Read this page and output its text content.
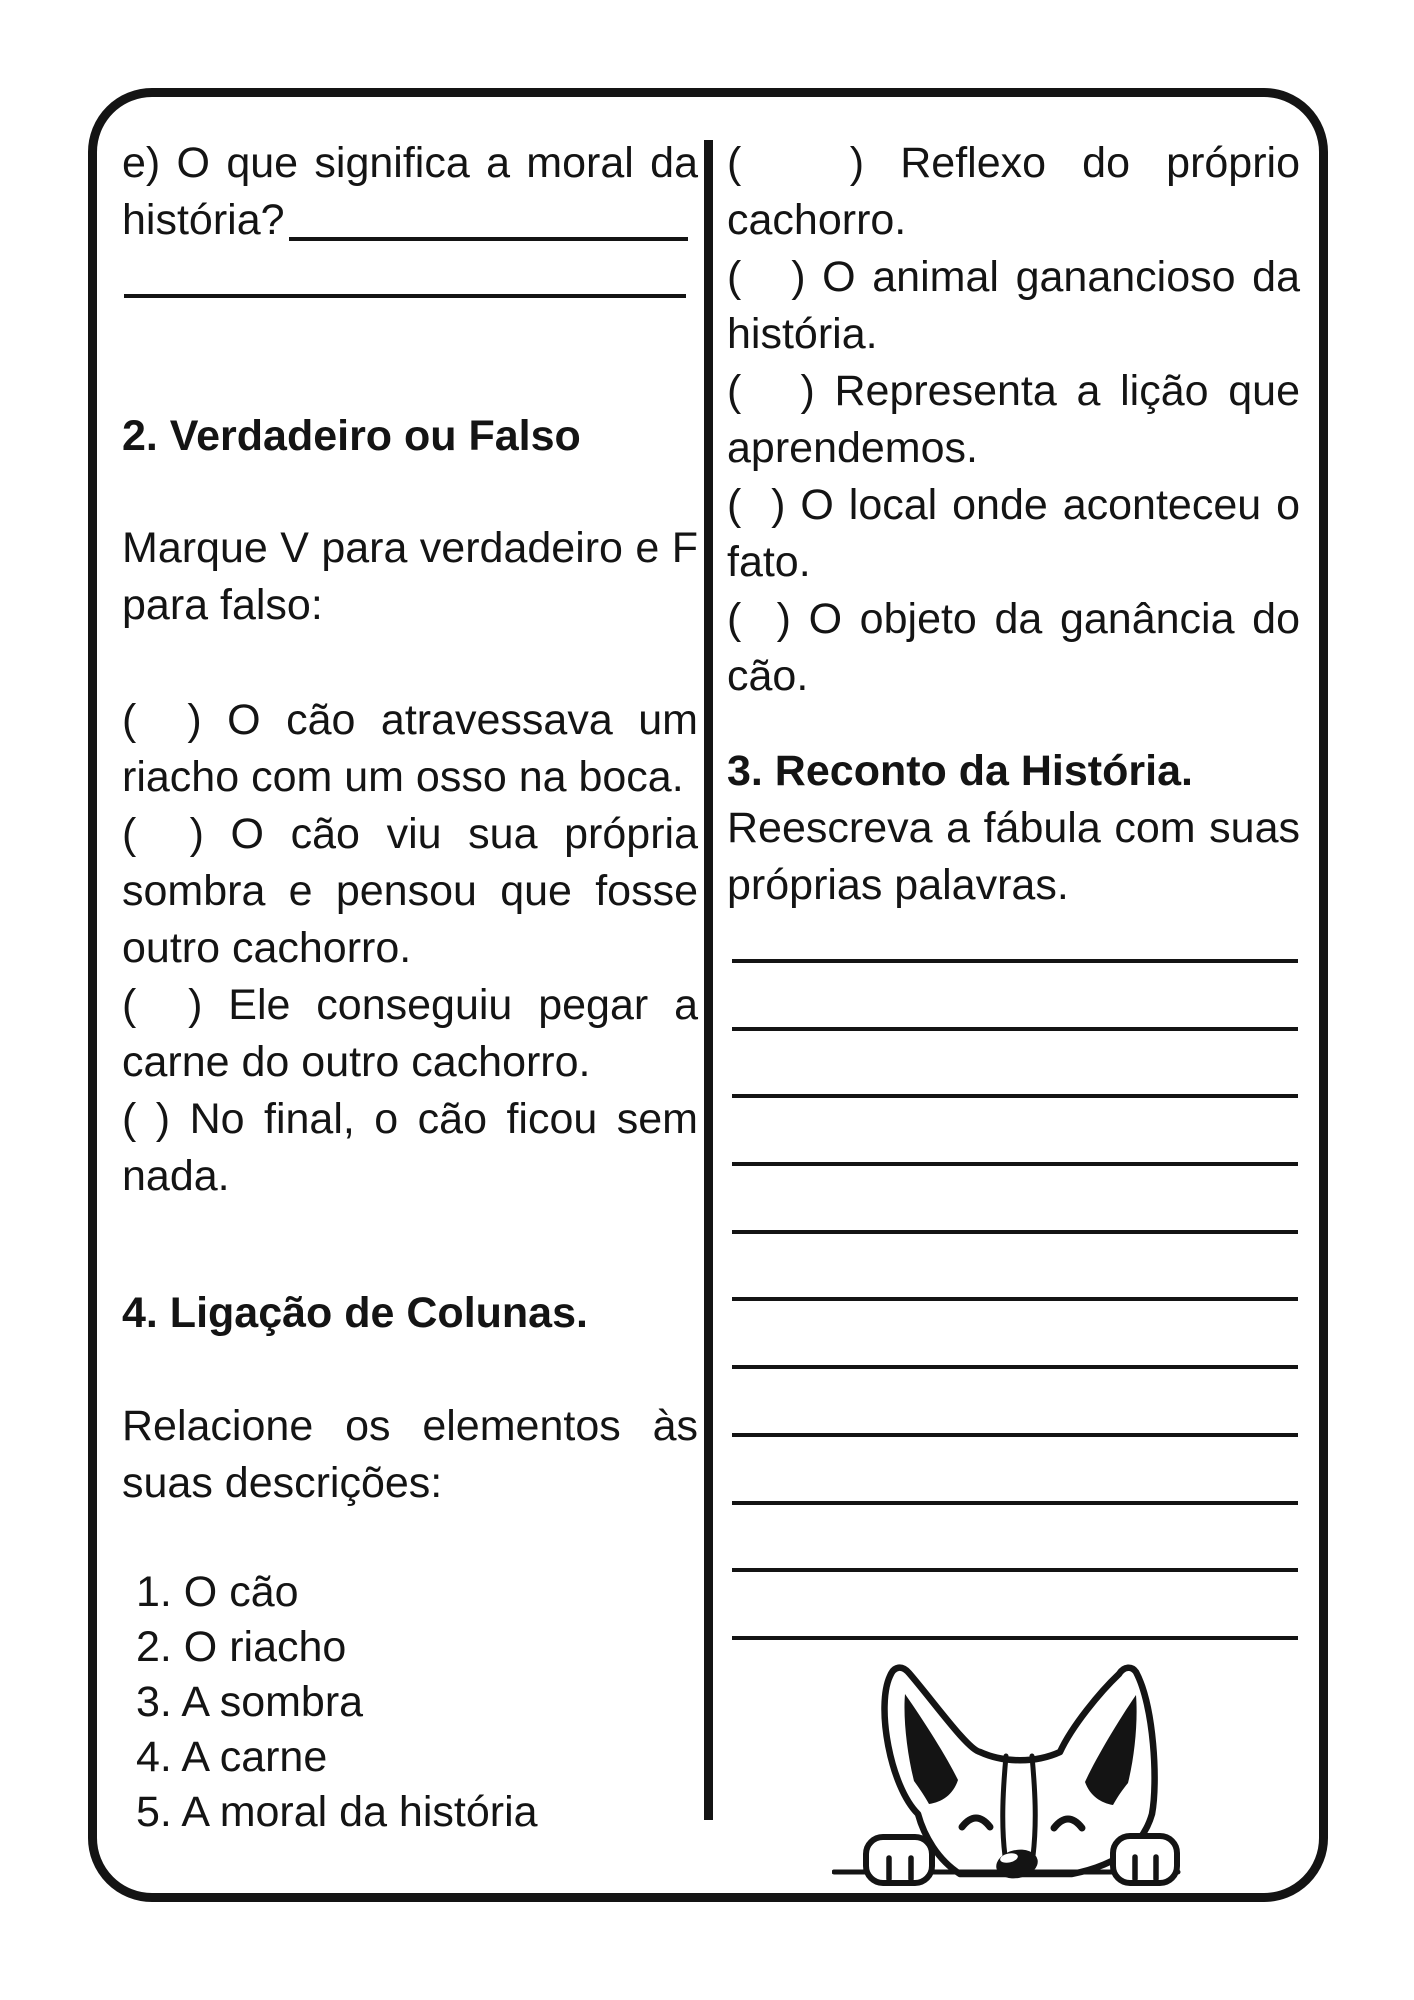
e) O que significa a moral da
história?
2. Verdadeiro ou Falso
Marque V para verdadeiro e F
para falso:
(  ) O cão atravessava um
riacho com um osso na boca.
(  ) O cão viu sua própria
sombra e pensou que fosse
outro cachorro.
(  ) Ele conseguiu pegar a
carne do outro cachorro.
( ) No final, o cão ficou sem
nada.
4. Ligação de Colunas.
Relacione os elementos às
suas descrições:
1. O cão
2. O riacho
3. A sombra
4. A carne
5. A moral da história
(   ) Reflexo do próprio
cachorro.
(   ) O animal ganancioso da
história.
(   ) Representa a lição que
aprendemos.
(  ) O local onde aconteceu o
fato.
(  ) O objeto da ganância do
cão.
3. Reconto da História.
Reescreva a fábula com suas
próprias palavras.
